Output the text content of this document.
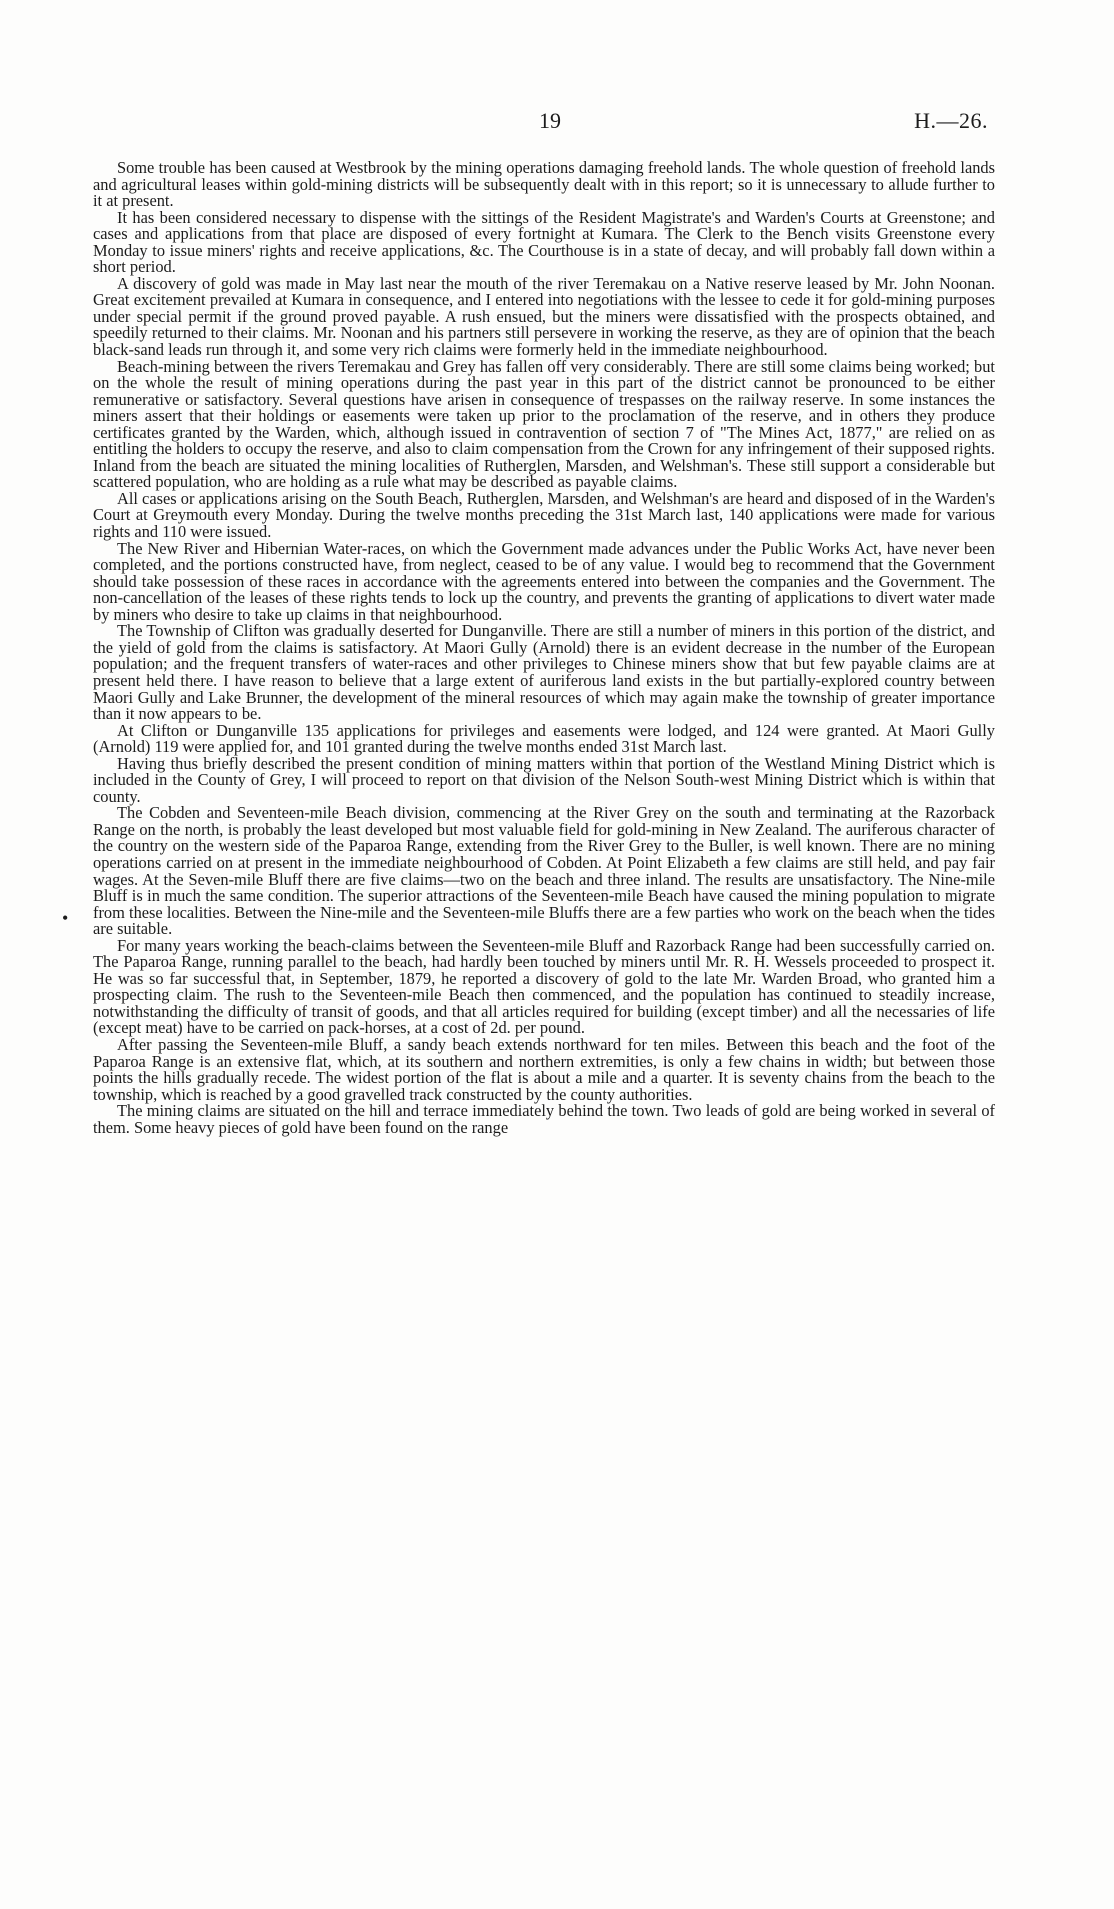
19	H.—26.
•

Some trouble has been caused at Westbrook by the mining operations damaging freehold lands. The whole question of freehold lands and agricultural leases within gold-mining districts will be subsequently dealt with in this report; so it is unnecessary to allude further to it at present.

It has been considered necessary to dispense with the sittings of the Resident Magistrate's and Warden's Courts at Greenstone; and cases and applications from that place are disposed of every fortnight at Kumara. The Clerk to the Bench visits Greenstone every Monday to issue miners' rights and receive applications, &c. The Courthouse is in a state of decay, and will probably fall down within a short period.

A discovery of gold was made in May last near the mouth of the river Teremakau on a Native reserve leased by Mr. John Noonan. Great excitement prevailed at Kumara in consequence, and I entered into negotiations with the lessee to cede it for gold-mining purposes under special permit if the ground proved payable. A rush ensued, but the miners were dissatisfied with the prospects obtained, and speedily returned to their claims. Mr. Noonan and his partners still persevere in working the reserve, as they are of opinion that the beach black-sand leads run through it, and some very rich claims were formerly held in the immediate neighbourhood.

Beach-mining between the rivers Teremakau and Grey has fallen off very considerably. There are still some claims being worked; but on the whole the result of mining operations during the past year in this part of the district cannot be pronounced to be either remunerative or satisfactory. Several questions have arisen in consequence of trespasses on the railway reserve. In some instances the miners assert that their holdings or easements were taken up prior to the proclamation of the reserve, and in others they produce certificates granted by the Warden, which, although issued in contravention of section 7 of "The Mines Act, 1877," are relied on as entitling the holders to occupy the reserve, and also to claim compensation from the Crown for any infringement of their supposed rights. Inland from the beach are situated the mining localities of Rutherglen, Marsden, and Welshman's. These still support a considerable but scattered population, who are holding as a rule what may be described as payable claims.

All cases or applications arising on the South Beach, Rutherglen, Marsden, and Welshman's are heard and disposed of in the Warden's Court at Greymouth every Monday. During the twelve months preceding the 31st March last, 140 applications were made for various rights and 110 were issued.

The New River and Hibernian Water-races, on which the Government made advances under the Public Works Act, have never been completed, and the portions constructed have, from neglect, ceased to be of any value. I would beg to recommend that the Government should take possession of these races in accordance with the agreements entered into between the companies and the Government. The non-cancellation of the leases of these rights tends to lock up the country, and prevents the granting of applications to divert water made by miners who desire to take up claims in that neighbourhood.

The Township of Clifton was gradually deserted for Dunganville. There are still a number of miners in this portion of the district, and the yield of gold from the claims is satisfactory. At Maori Gully (Arnold) there is an evident decrease in the number of the European population; and the frequent transfers of water-races and other privileges to Chinese miners show that but few payable claims are at present held there. I have reason to believe that a large extent of auriferous land exists in the but partially-explored country between Maori Gully and Lake Brunner, the development of the mineral resources of which may again make the township of greater importance than it now appears to be.

At Clifton or Dunganville 135 applications for privileges and easements were lodged, and 124 were granted. At Maori Gully (Arnold) 119 were applied for, and 101 granted during the twelve months ended 31st March last.

Having thus briefly described the present condition of mining matters within that portion of the Westland Mining District which is included in the County of Grey, I will proceed to report on that division of the Nelson South-west Mining District which is within that county.

The Cobden and Seventeen-mile Beach division, commencing at the River Grey on the south and terminating at the Razorback Range on the north, is probably the least developed but most valuable field for gold-mining in New Zealand. The auriferous character of the country on the western side of the Paparoa Range, extending from the River Grey to the Buller, is well known. There are no mining operations carried on at present in the immediate neighbourhood of Cobden. At Point Elizabeth a few claims are still held, and pay fair wages. At the Seven-mile Bluff there are five claims—two on the beach and three inland. The results are unsatisfactory. The Nine-mile Bluff is in much the same condition. The superior attractions of the Seventeen-mile Beach have caused the mining population to migrate from these localities. Between the Nine-mile and the Seventeen-mile Bluffs there are a few parties who work on the beach when the tides are suitable.

For many years working the beach-claims between the Seventeen-mile Bluff and Razorback Range had been successfully carried on. The Paparoa Range, running parallel to the beach, had hardly been touched by miners until Mr. R. H. Wessels proceeded to prospect it. He was so far successful that, in September, 1879, he reported a discovery of gold to the late Mr. Warden Broad, who granted him a prospecting claim. The rush to the Seventeen-mile Beach then commenced, and the population has continued to steadily increase, notwithstanding the difficulty of transit of goods, and that all articles required for building (except timber) and all the necessaries of life (except meat) have to be carried on pack-horses, at a cost of 2d. per pound.

After passing the Seventeen-mile Bluff, a sandy beach extends northward for ten miles. Between this beach and the foot of the Paparoa Range is an extensive flat, which, at its southern and northern extremities, is only a few chains in width; but between those points the hills gradually recede. The widest portion of the flat is about a mile and a quarter. It is seventy chains from the beach to the township, which is reached by a good gravelled track constructed by the county authorities.

The mining claims are situated on the hill and terrace immediately behind the town. Two leads of gold are being worked in several of them. Some heavy pieces of gold have been found on the range
